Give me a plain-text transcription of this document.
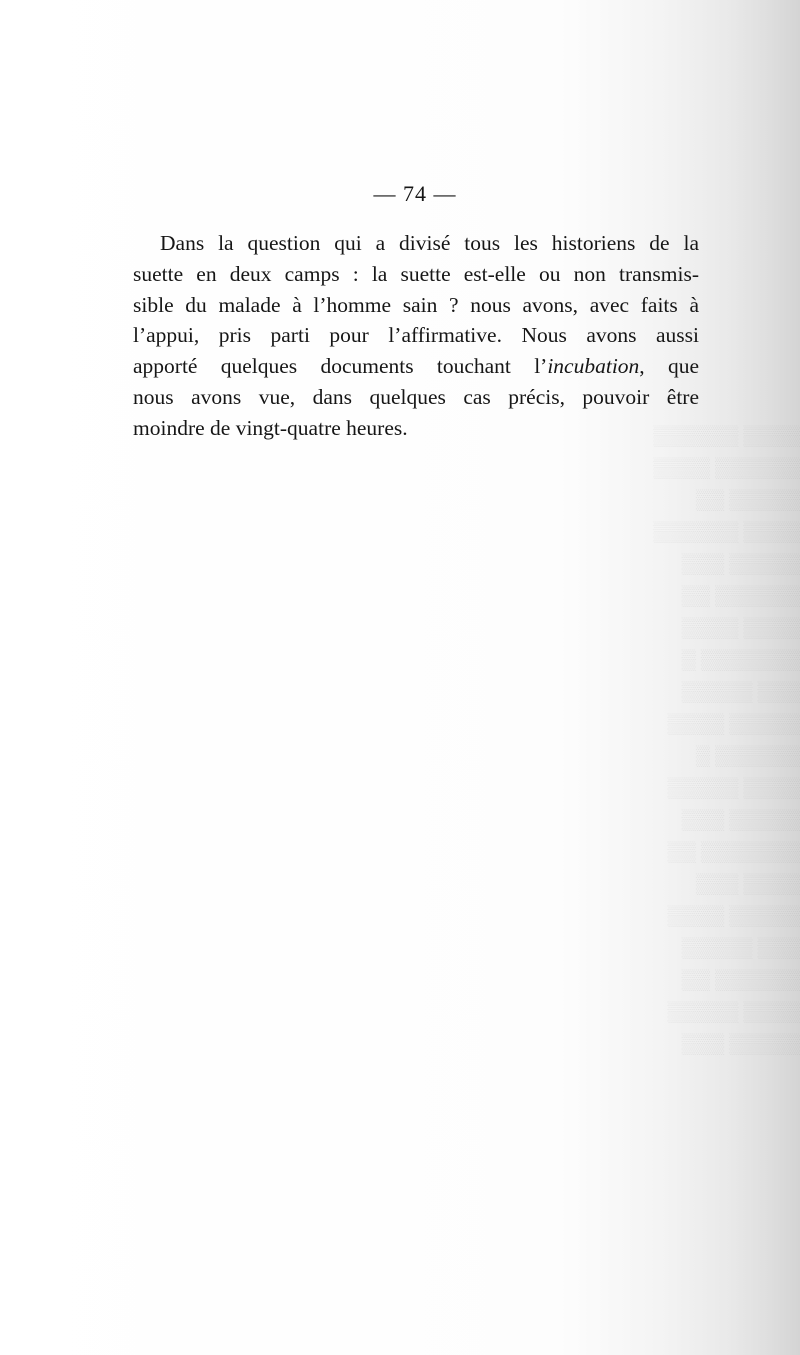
▒▒▒▒ ▒▒▒▒▒▒
▒▒▒▒▒▒ ▒▒▒▒
▒▒▒▒▒ ▒▒
▒▒▒▒ ▒▒▒▒▒▒
▒▒▒▒▒ ▒▒▒
▒▒▒▒▒▒ ▒▒
▒▒▒▒ ▒▒▒▒
▒▒▒▒▒▒▒ ▒
▒▒▒ ▒▒▒▒▒
▒▒▒▒▒ ▒▒▒▒
▒▒▒▒▒▒ ▒
▒▒▒▒ ▒▒▒▒▒
▒▒▒▒▒ ▒▒▒
▒▒▒▒▒▒▒ ▒▒
▒▒▒▒ ▒▒▒
▒▒▒▒▒ ▒▒▒▒
▒▒▒ ▒▒▒▒▒
▒▒▒▒▒▒ ▒▒
▒▒▒▒ ▒▒▒▒▒
▒▒▒▒▒ ▒▒▒
— 74 —
Dans la question qui a divisé tous les historiens de la
suette en deux camps : la suette est-elle ou non transmis-
sible du malade à l’homme sain ? nous avons, avec faits à
l’appui, pris parti pour l’affirmative. Nous avons aussi
apporté quelques documents touchant l’incubation, que
nous avons vue, dans quelques cas précis, pouvoir être
moindre de vingt-quatre heures.
